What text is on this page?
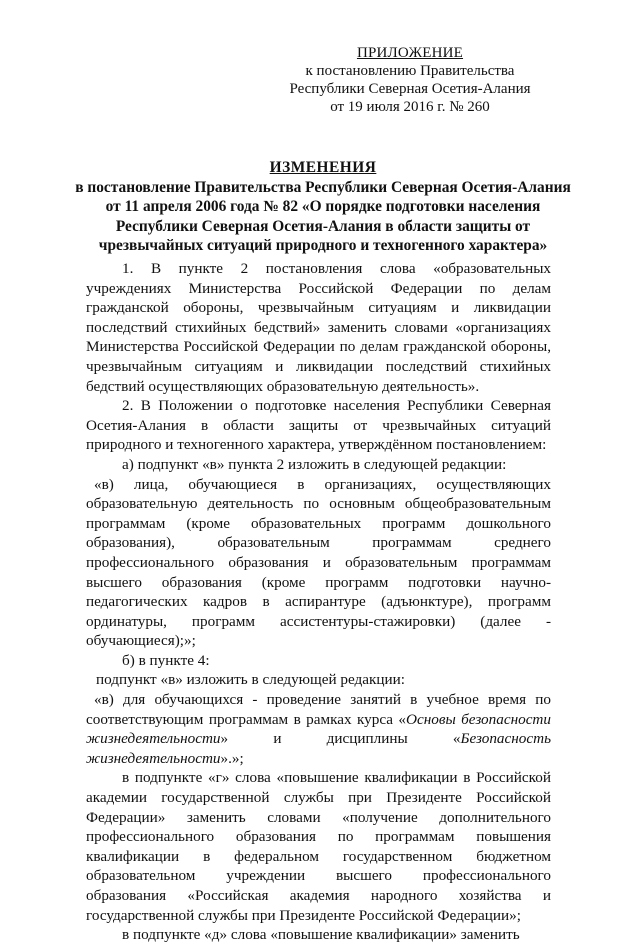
ПРИЛОЖЕНИЕ
к постановлению Правительства
Республики Северная Осетия-Алания
от 19 июля 2016 г. № 260
ИЗМЕНЕНИЯ
в постановление Правительства Республики Северная Осетия-Алания
от 11 апреля 2006 года № 82 «О порядке подготовки населения
Республики Северная Осетия-Алания в области защиты от
чрезвычайных ситуаций природного и техногенного характера»

1. В пункте 2 постановления слова «образовательных учреждениях Министерства Российской Федерации по делам гражданской обороны, чрезвычайным ситуациям и ликвидации последствий стихийных бедствий» заменить словами «организациях Министерства Российской Федерации по делам гражданской обороны, чрезвычайным ситуациям и ликвидации последствий стихийных бедствий осуществляющих образовательную деятельность».

2. В Положении о подготовке населения Республики Северная Осетия-Алания в области защиты от чрезвычайных ситуаций природного и техногенного характера, утверждённом постановлением:

а) подпункт «в» пункта 2 изложить в следующей редакции:

«в) лица, обучающиеся в организациях, осуществляющих образовательную деятельность по основным общеобразовательным программам (кроме образовательных программ дошкольного образования), образовательным программам среднего профессионального образования и образовательным программам высшего образования (кроме программ подготовки научно-педагогических кадров в аспирантуре (адъюнктуре), программ ординатуры, программ ассистентуры-стажировки) (далее - обучающиеся);»;

б) в пункте 4:

подпункт «в» изложить в следующей редакции:

«в) для обучающихся - проведение занятий в учебное время по соответствующим программам в рамках курса «Основы безопасности жизнедеятельности» и дисциплины «Безопасность жизнедеятельности».»;

в подпункте «г» слова «повышение квалификации в Российской академии государственной службы при Президенте Российской Федерации» заменить словами «получение дополнительного профессионального образования по программам повышения квалификации в федеральном государственном бюджетном образовательном учреждении высшего профессионального образования «Российская академия народного хозяйства и государственной службы при Президенте Российской Федерации»;

в подпункте «д» слова «повышение квалификации» заменить
